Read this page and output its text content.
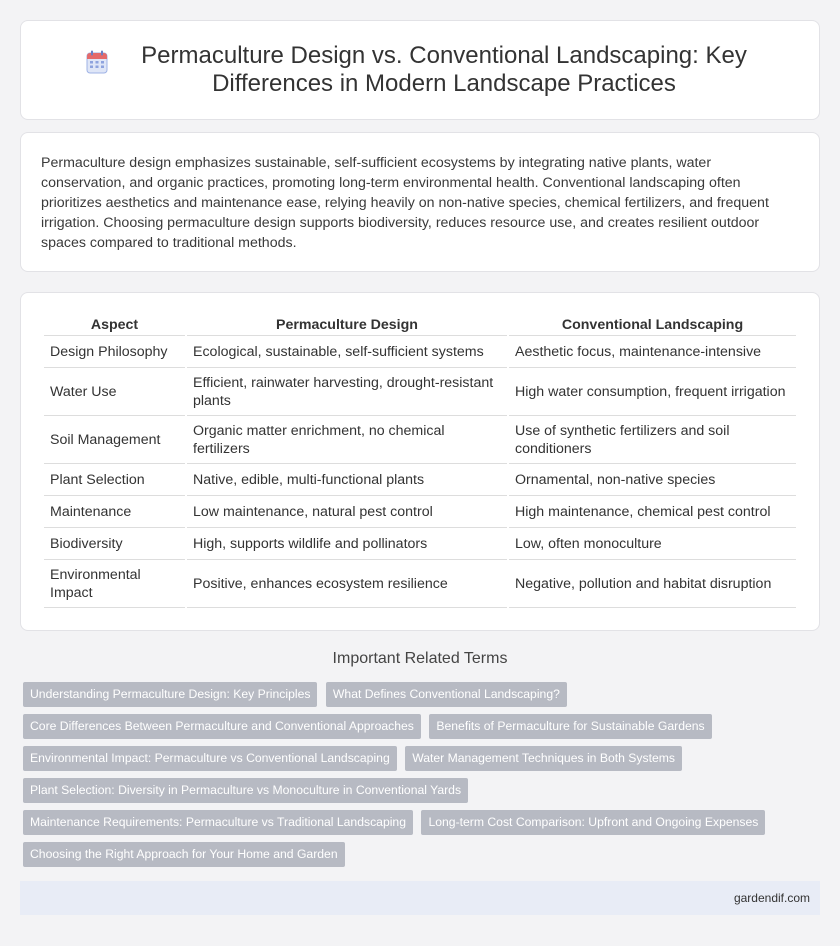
Permaculture Design vs. Conventional Landscaping: Key Differences in Modern Landscape Practices

Permaculture design emphasizes sustainable, self-sufficient ecosystems by integrating native plants, water conservation, and organic practices, promoting long-term environmental health. Conventional landscaping often prioritizes aesthetics and maintenance ease, relying heavily on non-native species, chemical fertilizers, and frequent irrigation. Choosing permaculture design supports biodiversity, reduces resource use, and creates resilient outdoor spaces compared to traditional methods.

Aspect	Permaculture Design	Conventional Landscaping
Design Philosophy	Ecological, sustainable, self-sufficient systems	Aesthetic focus, maintenance-intensive
Water Use	Efficient, rainwater harvesting, drought-resistant plants	High water consumption, frequent irrigation
Soil Management	Organic matter enrichment, no chemical fertilizers	Use of synthetic fertilizers and soil conditioners
Plant Selection	Native, edible, multi-functional plants	Ornamental, non-native species
Maintenance	Low maintenance, natural pest control	High maintenance, chemical pest control
Biodiversity	High, supports wildlife and pollinators	Low, often monoculture
Environmental Impact	Positive, enhances ecosystem resilience	Negative, pollution and habitat disruption
Important Related Terms
Understanding Permaculture Design: Key Principles What Defines Conventional Landscaping?
Core Differences Between Permaculture and Conventional Approaches Benefits of Permaculture for Sustainable Gardens
Environmental Impact: Permaculture vs Conventional Landscaping Water Management Techniques in Both Systems
Plant Selection: Diversity in Permaculture vs Monoculture in Conventional Yards
Maintenance Requirements: Permaculture vs Traditional Landscaping Long-term Cost Comparison: Upfront and Ongoing Expenses
Choosing the Right Approach for Your Home and Garden
gardendif.com
